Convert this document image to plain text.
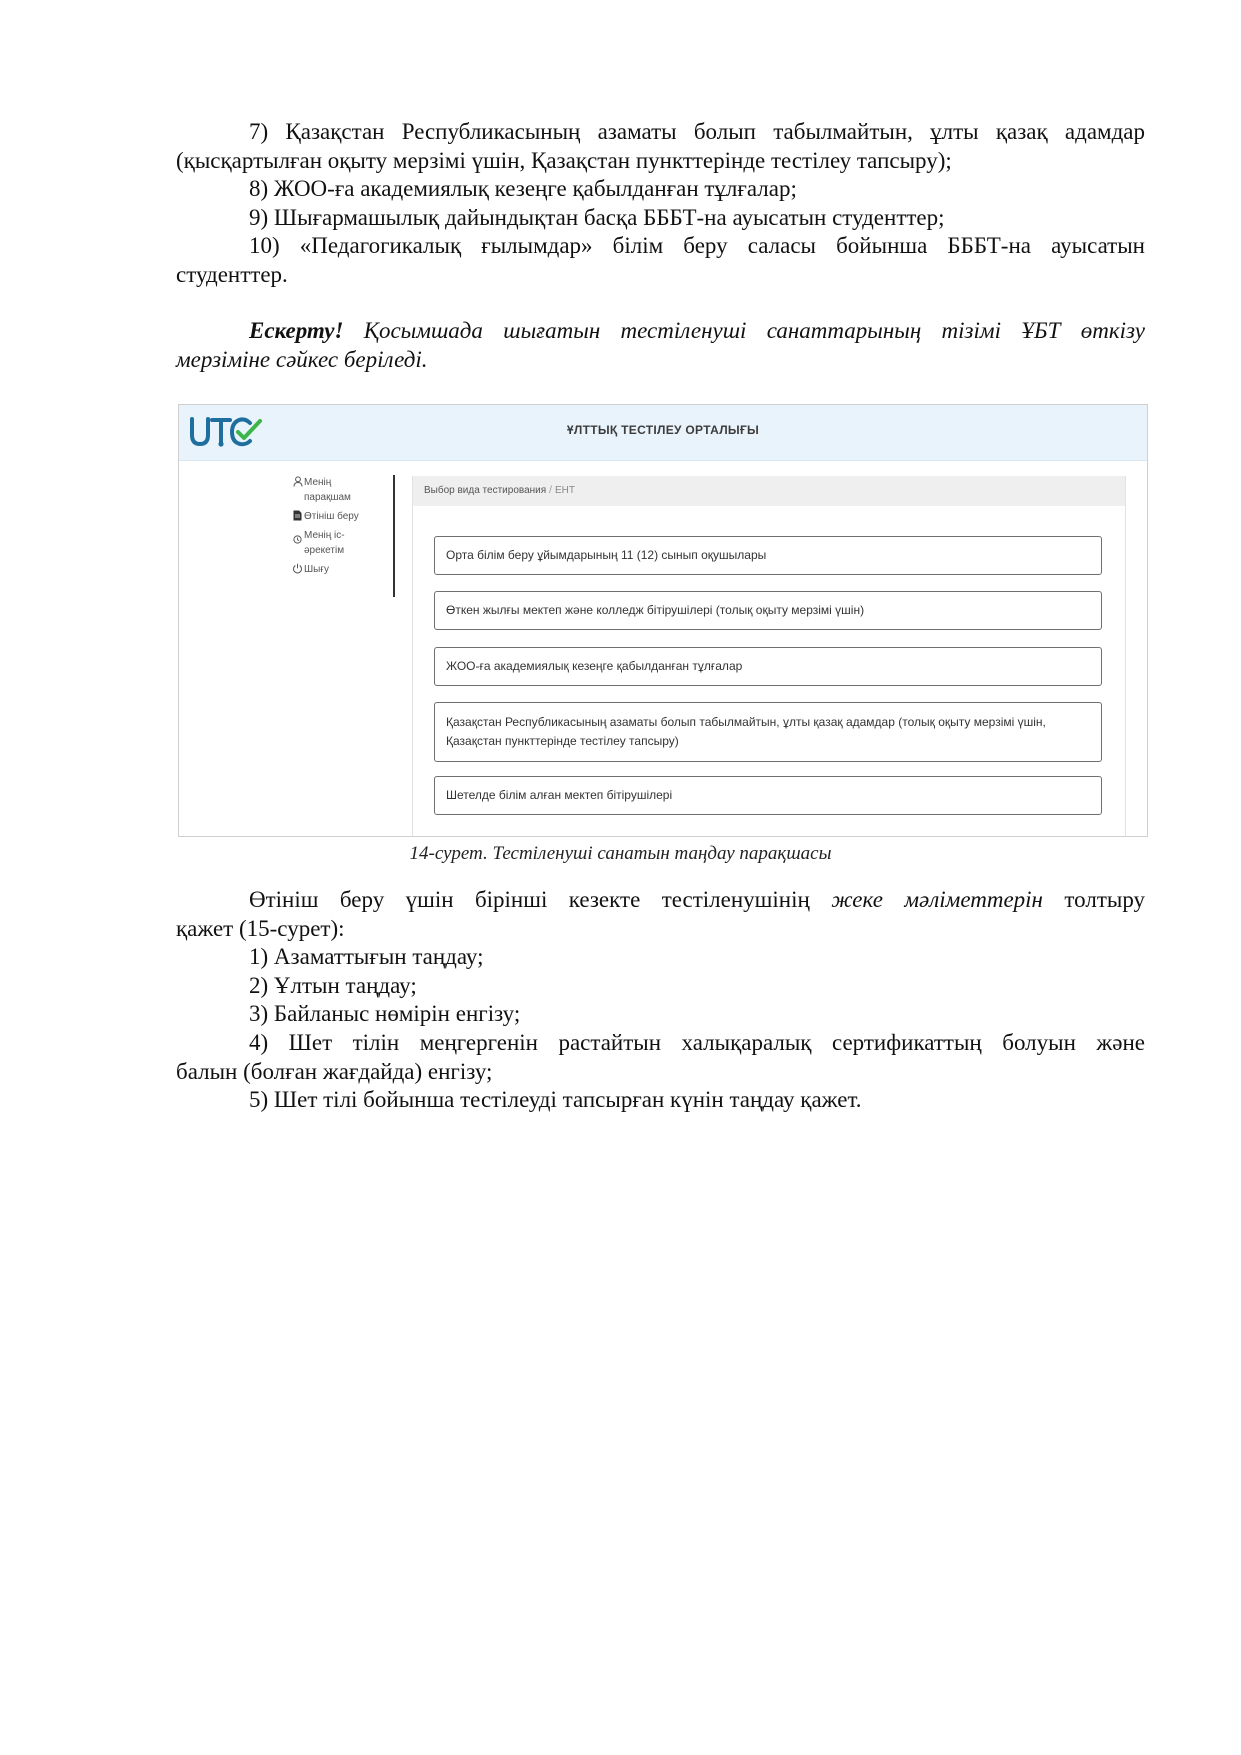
7) Қазақстан Республикасының азаматы болып табылмайтын, ұлты қазақ адамдар

(қысқартылған оқыту мерзімі үшін, Қазақстан пункттерінде тестілеу тапсыру);

8) ЖОО-ға академиялық кезеңге қабылданған тұлғалар;

9) Шығармашылық дайындықтан басқа БББТ-на ауысатын студенттер;

10) «Педагогикалық ғылымдар» білім беру саласы бойынша БББТ-на ауысатын

студенттер.

Ескерту! Қосымшада шығатын тестіленуші санаттарының тізімі ҰБТ өткізу

мерзіміне сәйкес беріледі.

ҰЛТТЫҚ ТЕСТІЛЕУ ОРТАЛЫҒЫ
Менің парақшам
Өтініш беру
Менің іс-әрекетім
Шығу
Выбор вида тестирования / ЕНТ
Орта білім беру ұйымдарының 11 (12) сынып оқушылары
Өткен жылғы мектеп және колледж бітірушілері (толық оқыту мерзімі үшін)
ЖОО-ға академиялық кезеңге қабылданған тұлғалар
Қазақстан Республикасының азаматы болып табылмайтын, ұлты қазақ адамдар (толық оқыту мерзімі үшін, Қазақстан пункттерінде тестілеу тапсыру)
Шетелде білім алған мектеп бітірушілері
14-сурет. Тестіленуші санатын таңдау парақшасы

Өтініш беру үшін бірінші кезекте тестіленушінің жеке мәліметтерін толтыру

қажет (15-сурет):

1) Азаматтығын таңдау;

2) Ұлтын таңдау;

3) Байланыс нөмірін енгізу;

4) Шет тілін меңгергенін растайтын халықаралық сертификаттың болуын және

балын (болған жағдайда) енгізу;

5) Шет тілі бойынша тестілеуді тапсырған күнін таңдау қажет.
